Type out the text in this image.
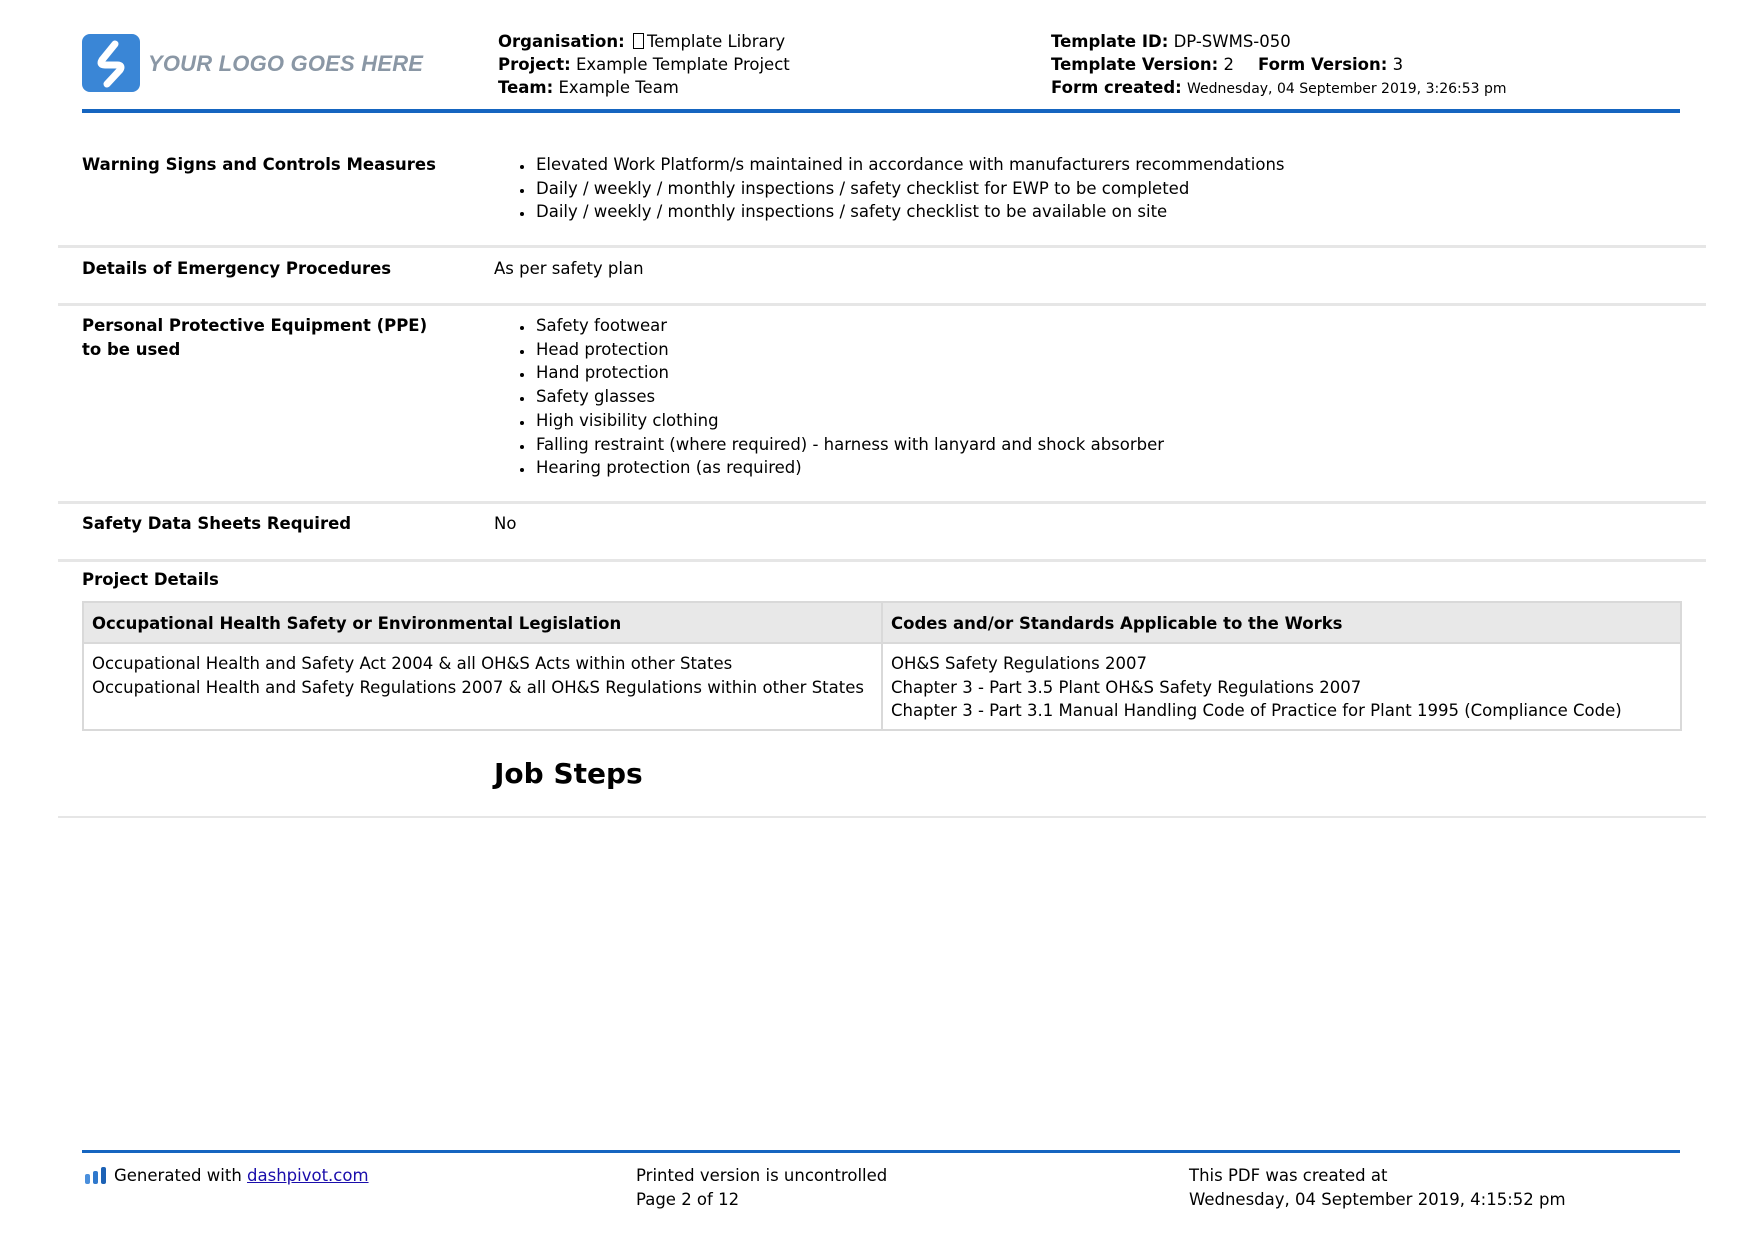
YOUR LOGO GOES HERE
Organisation: Template Library
Project: Example Template Project
Team: Example Team
Template ID: DP-SWMS-050
Template Version: 2 Form Version: 3
Form created: Wednesday, 04 September 2019, 3:26:53 pm
Warning Signs and Controls Measures	• Elevated Work Platform/s maintained in accordance with manufacturers recommendations
• Daily / weekly / monthly inspections / safety checklist for EWP to be completed
• Daily / weekly / monthly inspections / safety checklist to be available on site
Details of Emergency Procedures	As per safety plan
Personal Protective Equipment (PPE)
to be used
• Safety footwear
• Head protection
• Hand protection
• Safety glasses
• High visibility clothing
• Falling restraint (where required) - harness with lanyard and shock absorber
• Hearing protection (as required)
Safety Data Sheets Required	No
Project Details
Occupational Health Safety or Environmental Legislation	Codes and/or Standards Applicable to the Works

Occupational Health and Safety Act 2004 & all OH&S Acts within other States
Occupational Health and Safety Regulations 2007 & all OH&S Regulations within other States	OH&S Safety Regulations 2007
Chapter 3 - Part 3.5 Plant OH&S Safety Regulations 2007
Chapter 3 - Part 3.1 Manual Handling Code of Practice for Plant 1995 (Compliance Code)
Job Steps
Generated with dashpivot.com	Printed version is uncontrolled
Page 2 of 12
This PDF was created at
Wednesday, 04 September 2019, 4:15:52 pm
